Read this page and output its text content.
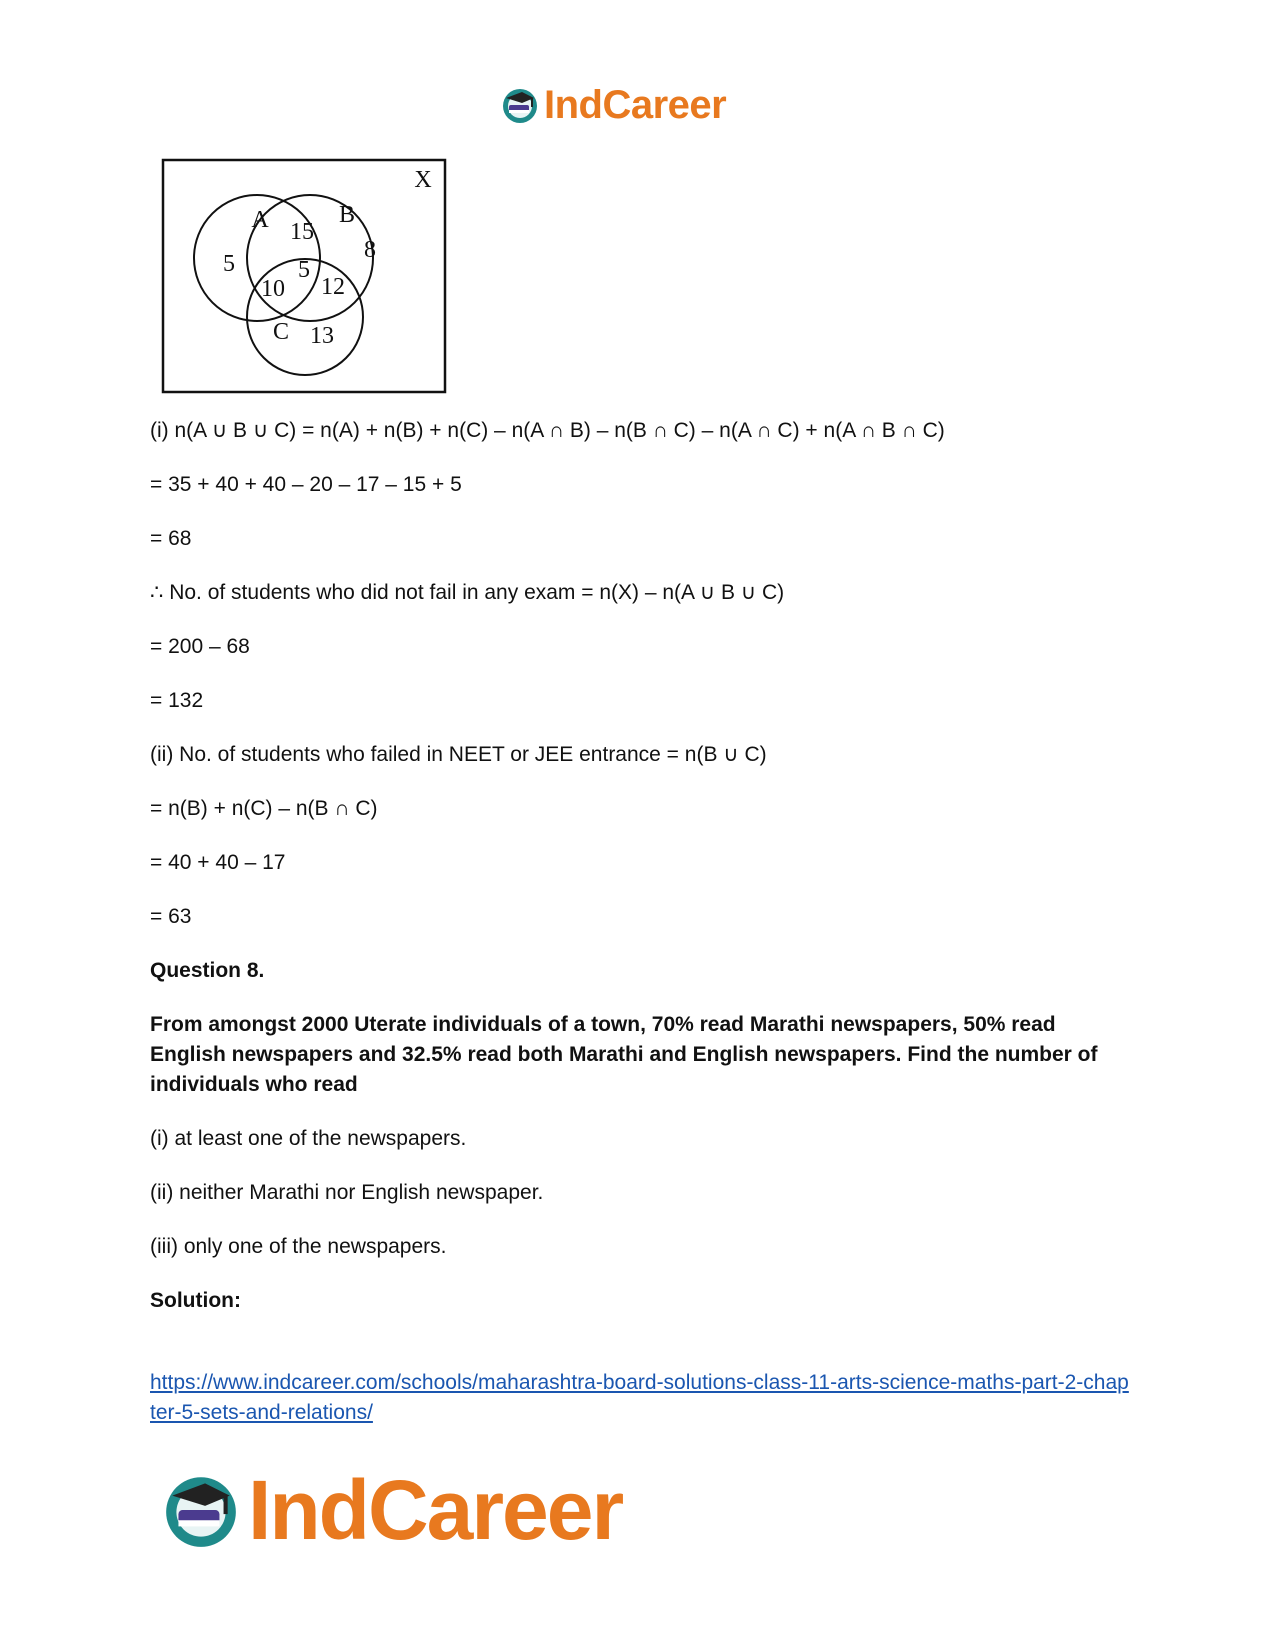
IndCareer
X
A	B
C
5
8
13
15
10 12
5
(i) n(A ∪ B ∪ C) = n(A) + n(B) + n(C) – n(A ∩ B) – n(B ∩ C) – n(A ∩ C) + n(A ∩ B ∩ C)
= 35 + 40 + 40 – 20 – 17 – 15 + 5
= 68
∴ No. of students who did not fail in any exam = n(X) – n(A ∪ B ∪ C)
= 200 – 68
= 132
(ii) No. of students who failed in NEET or JEE entrance = n(B ∪ C)
= n(B) + n(C) – n(B ∩ C)
= 40 + 40 – 17
= 63
Question 8.
From amongst 2000 Uterate individuals of a town, 70% read Marathi newspapers, 50% read English newspapers and 32.5% read both Marathi and English newspapers. Find the number of individuals who read
(i) at least one of the newspapers.
(ii) neither Marathi nor English newspaper.
(iii) only one of the newspapers.
Solution:
https://www.indcareer.com/schools/maharashtra-board-solutions-class-11-arts-science-maths-part-2-chapter-5-sets-and-relations/
IndCareer
